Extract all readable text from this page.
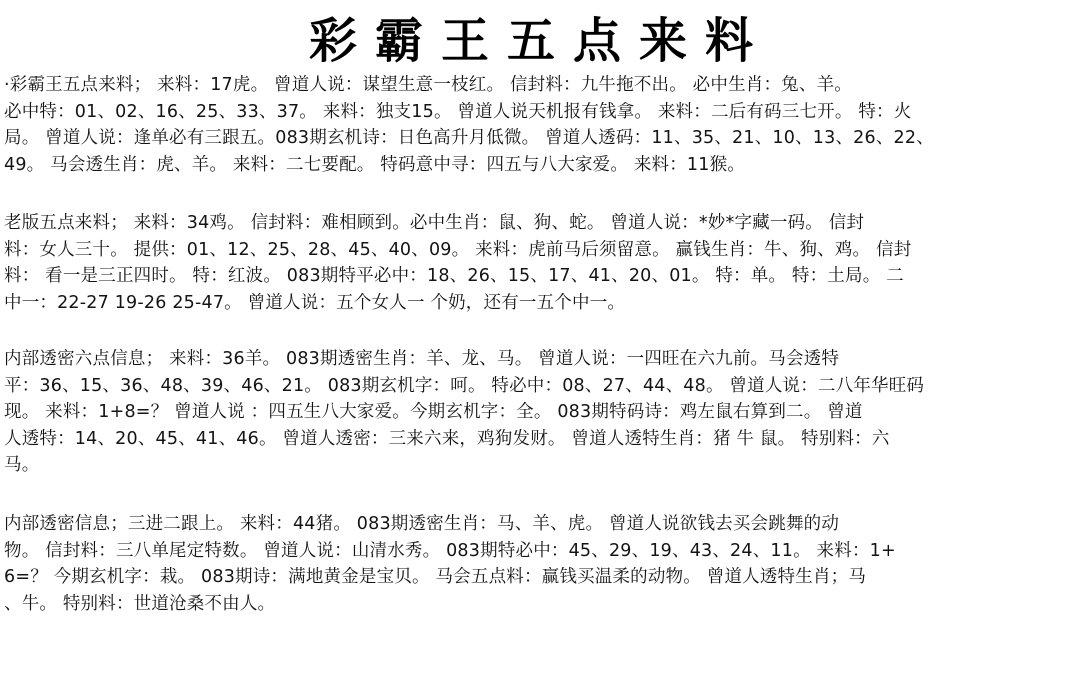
彩霸王五点来料
·彩霸王五点来料； 来料：17虎。 曾道人说：谋望生意一枝红。 信封料：九牛拖不出。 必中生肖：兔、羊。
必中特：01、02、16、25、33、37。 来料：独支15。 曾道人说天机报有钱拿。 来料：二后有码三七开。 特：火
局。 曾道人说：逢单必有三跟五。083期玄机诗：日色高升月低微。 曾道人透码：11、35、21、10、13、26、22、
49。 马会透生肖：虎、羊。 来料：二七要配。 特码意中寻：四五与八大家爱。 来料：11猴。
老版五点来料； 来料：34鸡。 信封料：难相顾到。必中生肖：鼠、狗、蛇。 曾道人说：*妙*字藏一码。 信封
料：女人三十。 提供：01、12、25、28、45、40、09。 来料：虎前马后须留意。 赢钱生肖：牛、狗、鸡。 信封
料： 看一是三正四时。 特：红波。 083期特平必中：18、26、15、17、41、20、01。 特：单。 特：土局。 二
中一：22-27 19-26 25-47。 曾道人说：五个女人一 个奶，还有一五个中一。
内部透密六点信息； 来料：36羊。 083期透密生肖：羊、龙、马。 曾道人说：一四旺在六九前。马会透特
平：36、15、36、48、39、46、21。 083期玄机字：呵。 特必中：08、27、44、48。 曾道人说：二八年华旺码
现。 来料：1+8=？ 曾道人说 ：四五生八大家爱。今期玄机字：全。 083期特码诗：鸡左鼠右算到二。 曾道
人透特：14、20、45、41、46。 曾道人透密：三来六来，鸡狗发财。 曾道人透特生肖：猪 牛 鼠。 特别料：六
马。
内部透密信息；三进二跟上。 来料：44猪。 083期透密生肖：马、羊、虎。 曾道人说欲钱去买会跳舞的动
物。 信封料：三八单尾定特数。 曾道人说：山清水秀。 083期特必中：45、29、19、43、24、11。 来料：1+
6=？ 今期玄机字：栽。 083期诗：满地黄金是宝贝。 马会五点料：赢钱买温柔的动物。 曾道人透特生肖；马
、牛。 特别料：世道沧桑不由人。
